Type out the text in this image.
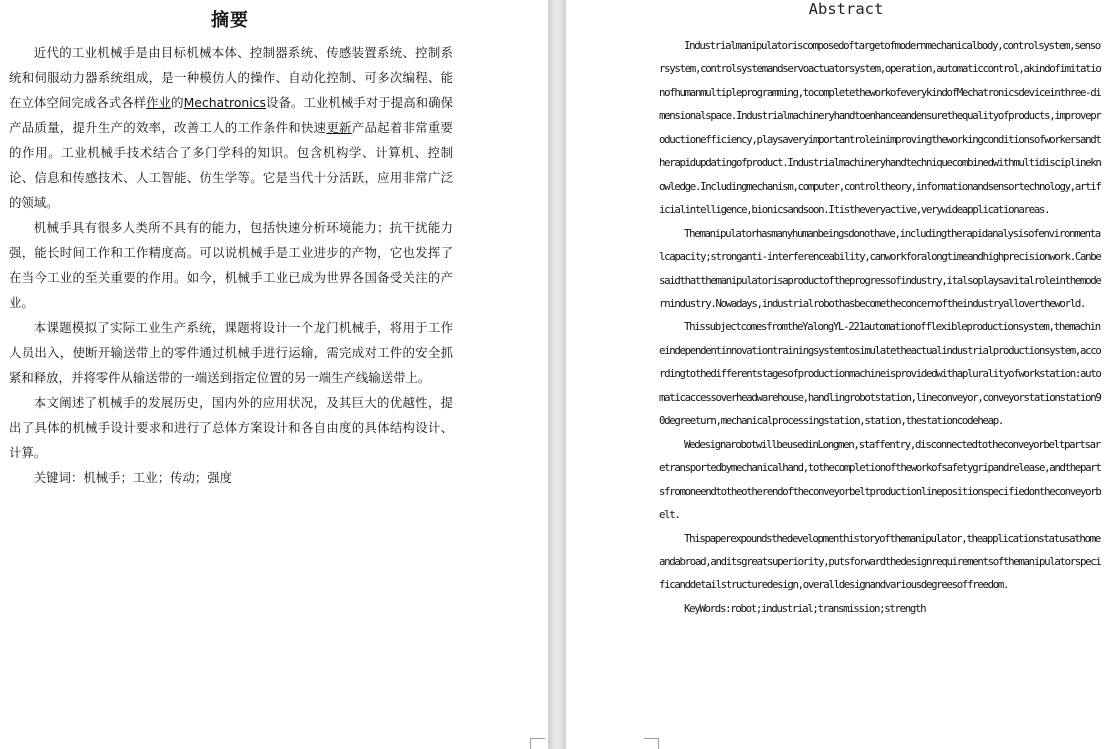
摘要

近代的工业机械手是由目标机械本体、控制器系统、传感装置系统、控制系统和伺服动力器系统组成，是一种模仿人的操作、自动化控制、可多次编程、能在立体空间完成各式各样作业的Mechatronics设备。工业机械手对于提高和确保产品质量，提升生产的效率，改善工人的工作条件和快速更新产品起着非常重要的作用。工业机械手技术结合了多门学科的知识。包含机构学、计算机、控制论、信息和传感技术、人工智能、仿生学等。它是当代十分活跃，应用非常广泛的领域。

机械手具有很多人类所不具有的能力，包括快速分析环境能力；抗干扰能力强，能长时间工作和工作精度高。可以说机械手是工业进步的产物，它也发挥了在当今工业的至关重要的作用。如今，机械手工业已成为世界各国备受关注的产业。

本课题模拟了实际工业生产系统，课题将设计一个龙门机械手，将用于工作人员出入，使断开输送带上的零件通过机械手进行运输，需完成对工件的安全抓紧和释放，并将零件从输送带的一端送到指定位置的另一端生产线输送带上。

本文阐述了机械手的发展历史，国内外的应用状况，及其巨大的优越性，提出了具体的机械手设计要求和进行了总体方案设计和各自由度的具体结构设计、计算。

关键词：机械手；工业；传动；强度

Abstract

Industrialmanipulatoriscomposedoftargetofmodernmechanicalbody,controlsystem,sensorsystem,controlsystemandservoactuatorsystem,operation,automaticcontrol,akindofimitationofhumanmultipleprogramming,tocompletetheworkofeverykindofMechatronicsdeviceinthree-dimensionalspace.Industrialmachineryhandtoenhanceandensurethequalityofproducts,improveproductionefficiency,playsaveryimportantroleinimprovingtheworkingconditionsofworkersandtherapidupdatingofproduct.Industrialmachineryhandtechniquecombinedwithmultidisciplineknowledge.Includingmechanism,computer,controltheory,informationandsensortechnology,artificialintelligence,bionicsandsoon.Itistheveryactive,verywideapplicationareas.

Themanipulatorhasmanyhumanbeingsdonothave,includingtherapidanalysisofenvironmentalcapacity;stronganti-interferenceability,canworkforalongtimeandhighprecisionwork.Canbesaidthatthemanipulatorisaproductoftheprogressofindustry,italsoplaysavitalroleinthemodernindustry.Nowadays,industrialrobothasbecometheconcernoftheindustryallovertheworld.

ThissubjectcomesfromtheYalongYL-221automationofflexibleproductionsystem,themachineindependentinnovationtrainingsystemtosimulatetheactualindustrialproductionsystem,accordingtothedifferentstagesofproductionmachineisprovidedwithapluralityofworkstation:automaticaccessoverheadwarehouse,handlingrobotstation,lineconveyor,conveyorstationstation90degreeturn,mechanicalprocessingstation,station,thestationcodeheap.

WedesignarobotwillbeusedinLongmen,staffentry,disconnectedtotheconveyorbeltpartsaretransportedbymechanicalhand,tothecompletionoftheworkofsafetygripandrelease,andthepartsfromoneendtotheotherendoftheconveyorbeltproductionlinepositionspecifiedontheconveyorbelt.

Thispaperexpoundsthedevelopmenthistoryofthemanipulator,theapplicationstatusathomeandabroad,anditsgreatsuperiority,putsforwardthedesignrequirementsofthemanipulatorspecificanddetailstructuredesign,overalldesignandvariousdegreesoffreedom.

KeyWords:robot;industrial;transmission;strength
